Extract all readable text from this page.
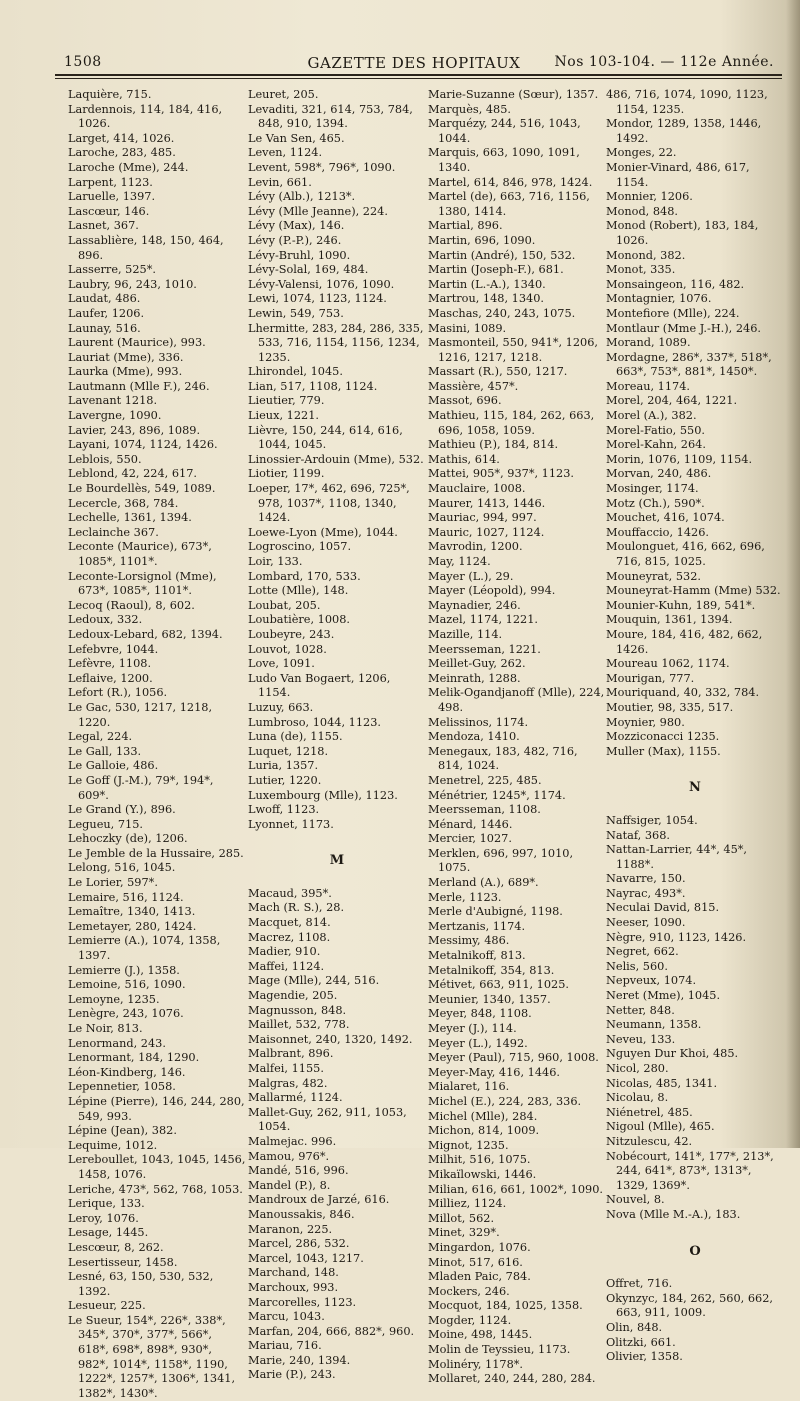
1508	GAZETTE DES HOPITAUX	Nos 103-104. — 112e Année.
Laquière, 715.
Lardennois, 114, 184, 416, 1026.
Larget, 414, 1026.
Laroche, 283, 485.
Laroche (Mme), 244.
Larpent, 1123.
Laruelle, 1397.
Lascœur, 146.
Lasnet, 367.
Lassablière, 148, 150, 464, 896.
Lasserre, 525*.
Laubry, 96, 243, 1010.
Laudat, 486.
Laufer, 1206.
Launay, 516.
Laurent (Maurice), 993.
Lauriat (Mme), 336.
Laurka (Mme), 993.
Lautmann (Mlle F.), 246.
Lavenant 1218.
Lavergne, 1090.
Lavier, 243, 896, 1089.
Layani, 1074, 1124, 1426.
Leblois, 550.
Leblond, 42, 224, 617.
Le Bourdellès, 549, 1089.
Lecercle, 368, 784.
Lechelle, 1361, 1394.
Leclainche 367.
Leconte (Maurice), 673*, 1085*, 1101*.
Leconte-Lorsignol (Mme), 673*, 1085*, 1101*.
Lecoq (Raoul), 8, 602.
Ledoux, 332.
Ledoux-Lebard, 682, 1394.
Lefebvre, 1044.
Lefèvre, 1108.
Leflaive, 1200.
Lefort (R.), 1056.
Le Gac, 530, 1217, 1218, 1220.
Legal, 224.
Le Gall, 133.
Le Galloie, 486.
Le Goff (J.-M.), 79*, 194*, 609*.
Le Grand (Y.), 896.
Legueu, 715.
Lehoczky (de), 1206.
Le Jemble de la Hussaire, 285.
Lelong, 516, 1045.
Le Lorier, 597*.
Lemaire, 516, 1124.
Lemaître, 1340, 1413.
Lemetayer, 280, 1424.
Lemierre (A.), 1074, 1358, 1397.
Lemierre (J.), 1358.
Lemoine, 516, 1090.
Lemoyne, 1235.
Lenègre, 243, 1076.
Le Noir, 813.
Lenormand, 243.
Lenormant, 184, 1290.
Léon-Kindberg, 146.
Lepennetier, 1058.
Lépine (Pierre), 146, 244, 280, 549, 993.
Lépine (Jean), 382.
Lequime, 1012.
Lereboullet, 1043, 1045, 1456, 1458, 1076.
Leriche, 473*, 562, 768, 1053.
Lerique, 133.
Leroy, 1076.
Lesage, 1445.
Lescœur, 8, 262.
Lesertisseur, 1458.
Lesné, 63, 150, 530, 532, 1392.
Lesueur, 225.
Le Sueur, 154*, 226*, 338*, 345*, 370*, 377*, 566*, 618*, 698*, 898*, 930*, 982*, 1014*, 1158*, 1190, 1222*, 1257*, 1306*, 1341, 1382*, 1430*.
Leuret, 205.
Levaditi, 321, 614, 753, 784, 848, 910, 1394.
Le Van Sen, 465.
Leven, 1124.
Levent, 598*, 796*, 1090.
Levin, 661.
Lévy (Alb.), 1213*.
Lévy (Mlle Jeanne), 224.
Lévy (Max), 146.
Lévy (P.-P.), 246.
Lévy-Bruhl, 1090.
Lévy-Solal, 169, 484.
Lévy-Valensi, 1076, 1090.
Lewi, 1074, 1123, 1124.
Lewin, 549, 753.
Lhermitte, 283, 284, 286, 335, 533, 716, 1154, 1156, 1234, 1235.
Lhirondel, 1045.
Lian, 517, 1108, 1124.
Lieutier, 779.
Lieux, 1221.
Lièvre, 150, 244, 614, 616, 1044, 1045.
Linossier-Ardouin (Mme), 532.
Liotier, 1199.
Loeper, 17*, 462, 696, 725*, 978, 1037*, 1108, 1340, 1424.
Loewe-Lyon (Mme), 1044.
Logroscino, 1057.
Loir, 133.
Lombard, 170, 533.
Lotte (Mlle), 148.
Loubat, 205.
Loubatière, 1008.
Loubeyre, 243.
Louvot, 1028.
Love, 1091.
Ludo Van Bogaert, 1206, 1154.
Luzuy, 663.
Lumbroso, 1044, 1123.
Luna (de), 1155.
Luquet, 1218.
Luria, 1357.
Lutier, 1220.
Luxembourg (Mlle), 1123.
Lwoff, 1123.
Lyonnet, 1173.
M
Macaud, 395*.
Mach (R. S.), 28.
Macquet, 814.
Macrez, 1108.
Madier, 910.
Maffei, 1124.
Mage (Mlle), 244, 516.
Magendie, 205.
Magnusson, 848.
Maillet, 532, 778.
Maisonnet, 240, 1320, 1492.
Malbrant, 896.
Malfei, 1155.
Malgras, 482.
Mallarmé, 1124.
Mallet-Guy, 262, 911, 1053, 1054.
Malmejac. 996.
Mamou, 976*.
Mandé, 516, 996.
Mandel (P.), 8.
Mandroux de Jarzé, 616.
Manoussakis, 846.
Maranon, 225.
Marcel, 286, 532.
Marcel, 1043, 1217.
Marchand, 148.
Marchoux, 993.
Marcorelles, 1123.
Marcu, 1043.
Marfan, 204, 666, 882*, 960.
Mariau, 716.
Marie, 240, 1394.
Marie (P.), 243.
Marie-Suzanne (Sœur), 1357.
Marquès, 485.
Marquézy, 244, 516, 1043, 1044.
Marquis, 663, 1090, 1091, 1340.
Martel, 614, 846, 978, 1424.
Martel (de), 663, 716, 1156, 1380, 1414.
Martial, 896.
Martin, 696, 1090.
Martin (André), 150, 532.
Martin (Joseph-F.), 681.
Martin (L.-A.), 1340.
Martrou, 148, 1340.
Maschas, 240, 243, 1075.
Masini, 1089.
Masmonteil, 550, 941*, 1206, 1216, 1217, 1218.
Massart (R.), 550, 1217.
Massière, 457*.
Massot, 696.
Mathieu, 115, 184, 262, 663, 696, 1058, 1059.
Mathieu (P.), 184, 814.
Mathis, 614.
Mattei, 905*, 937*, 1123.
Mauclaire, 1008.
Maurer, 1413, 1446.
Mauriac, 994, 997.
Mauric, 1027, 1124.
Mavrodin, 1200.
May, 1124.
Mayer (L.), 29.
Mayer (Léopold), 994.
Maynadier, 246.
Mazel, 1174, 1221.
Mazille, 114.
Meersseman, 1221.
Meillet-Guy, 262.
Meinrath, 1288.
Melik-Ogandjanoff (Mlle), 224, 498.
Melissinos, 1174.
Mendoza, 1410.
Menegaux, 183, 482, 716, 814, 1024.
Menetrel, 225, 485.
Ménétrier, 1245*, 1174.
Meersseman, 1108.
Ménard, 1446.
Mercier, 1027.
Merklen, 696, 997, 1010, 1075.
Merland (A.), 689*.
Merle, 1123.
Merle d'Aubigné, 1198.
Mertzanis, 1174.
Messimy, 486.
Metalnikoff, 813.
Metalnikoff, 354, 813.
Métivet, 663, 911, 1025.
Meunier, 1340, 1357.
Meyer, 848, 1108.
Meyer (J.), 114.
Meyer (L.), 1492.
Meyer (Paul), 715, 960, 1008.
Meyer-May, 416, 1446.
Mialaret, 116.
Michel (E.), 224, 283, 336.
Michel (Mlle), 284.
Michon, 814, 1009.
Mignot, 1235.
Milhit, 516, 1075.
Mikaïlowski, 1446.
Milian, 616, 661, 1002*, 1090.
Milliez, 1124.
Millot, 562.
Minet, 329*.
Mingardon, 1076.
Minot, 517, 616.
Mladen Paic, 784.
Mockers, 246.
Mocquot, 184, 1025, 1358.
Mogder, 1124.
Moine, 498, 1445.
Molin de Teyssieu, 1173.
Molinéry, 1178*.
Mollaret, 240, 244, 280, 284.
486, 716, 1074, 1090, 1123, 1154, 1235.
Mondor, 1289, 1358, 1446, 1492.
Monges, 22.
Monier-Vinard, 486, 617, 1154.
Monnier, 1206.
Monod, 848.
Monod (Robert), 183, 184, 1026.
Monond, 382.
Monot, 335.
Monsaingeon, 116, 482.
Montagnier, 1076.
Montefiore (Mlle), 224.
Montlaur (Mme J.-H.), 246.
Morand, 1089.
Mordagne, 286*, 337*, 518*, 663*, 753*, 881*, 1450*.
Moreau, 1174.
Morel, 204, 464, 1221.
Morel (A.), 382.
Morel-Fatio, 550.
Morel-Kahn, 264.
Morin, 1076, 1109, 1154.
Morvan, 240, 486.
Mosinger, 1174.
Motz (Ch.), 590*.
Mouchet, 416, 1074.
Mouffaccio, 1426.
Moulonguet, 416, 662, 696, 716, 815, 1025.
Mouneyrat, 532.
Mouneyrat-Hamm (Mme) 532.
Mounier-Kuhn, 189, 541*.
Mouquin, 1361, 1394.
Moure, 184, 416, 482, 662, 1426.
Moureau 1062, 1174.
Mourigan, 777.
Mouriquand, 40, 332, 784.
Moutier, 98, 335, 517.
Moynier, 980.
Mozziconacci 1235.
Muller (Max), 1155.
N
Naffsiger, 1054.
Nataf, 368.
Nattan-Larrier, 44*, 45*, 1188*.
Navarre, 150.
Nayrac, 493*.
Neculai David, 815.
Neeser, 1090.
Nègre, 910, 1123, 1426.
Negret, 662.
Nelis, 560.
Nepveux, 1074.
Neret (Mme), 1045.
Netter, 848.
Neumann, 1358.
Neveu, 133.
Nguyen Dur Khoi, 485.
Nicol, 280.
Nicolas, 485, 1341.
Nicolau, 8.
Niénetrel, 485.
Nigoul (Mlle), 465.
Nitzulescu, 42.
Nobécourt, 141*, 177*, 213*, 244, 641*, 873*, 1313*, 1329, 1369*.
Nouvel, 8.
Nova (Mlle M.-A.), 183.
O
Offret, 716.
Okynzyc, 184, 262, 560, 662, 663, 911, 1009.
Olin, 848.
Olitzki, 661.
Olivier, 1358.
